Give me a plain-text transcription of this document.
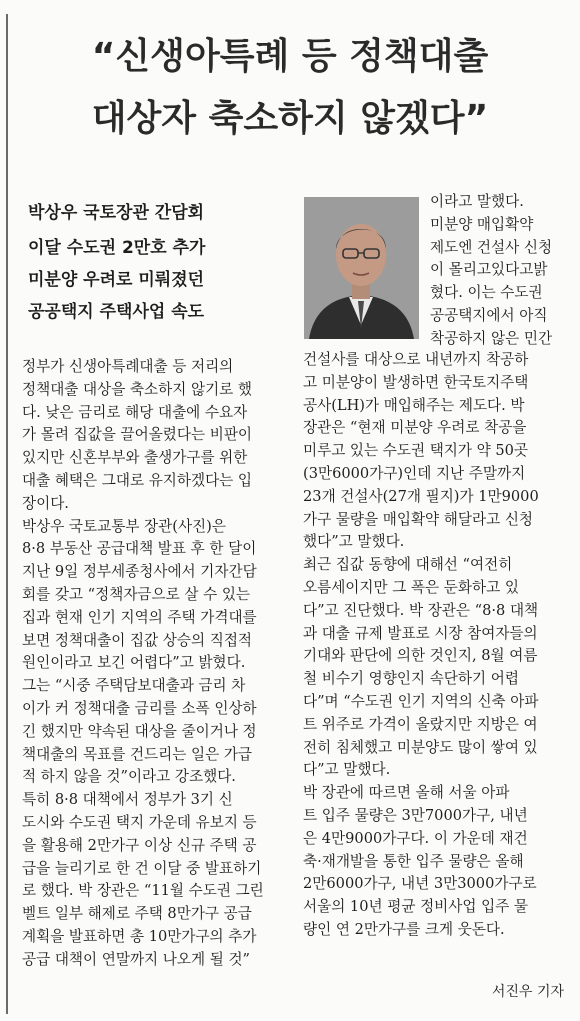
“신생아특례 등 정책대출
대상자 축소하지 않겠다”
박상우 국토장관 간담회
이달 수도권 2만호 추가
미분양 우려로 미뤄졌던
공공택지 주택사업 속도
이라고 말했다.
미분양 매입확약
제도엔 건설사 신청
이 몰리고있다고밝
혔다. 이는 수도권
공공택지에서 아직
착공하지 않은 민간
정부가 신생아특례대출 등 저리의
정책대출 대상을 축소하지 않기로 했
다. 낮은 금리로 해당 대출에 수요자
가 몰려 집값을 끌어올렸다는 비판이
있지만 신혼부부와 출생가구를 위한
대출 혜택은 그대로 유지하겠다는 입
장이다.
박상우 국토교통부 장관(사진)은
8·8 부동산 공급대책 발표 후 한 달이
지난 9일 정부세종청사에서 기자간담
회를 갖고 “정책자금으로 살 수 있는
집과 현재 인기 지역의 주택 가격대를
보면 정책대출이 집값 상승의 직접적
원인이라고 보긴 어렵다”고 밝혔다.
그는 “시중 주택담보대출과 금리 차
이가 커 정책대출 금리를 소폭 인상하
긴 했지만 약속된 대상을 줄이거나 정
책대출의 목표를 건드리는 일은 가급
적 하지 않을 것”이라고 강조했다.
특히 8·8 대책에서 정부가 3기 신
도시와 수도권 택지 가운데 유보지 등
을 활용해 2만가구 이상 신규 주택 공
급을 늘리기로 한 건 이달 중 발표하기
로 했다. 박 장관은 “11월 수도권 그린
벨트 일부 해제로 주택 8만가구 공급
계획을 발표하면 총 10만가구의 추가
공급 대책이 연말까지 나오게 될 것”
건설사를 대상으로 내년까지 착공하
고 미분양이 발생하면 한국토지주택
공사(LH)가 매입해주는 제도다. 박
장관은 “현재 미분양 우려로 착공을
미루고 있는 수도권 택지가 약 50곳
(3만6000가구)인데 지난 주말까지
23개 건설사(27개 필지)가 1만9000
가구 물량을 매입확약 해달라고 신청
했다”고 말했다.
최근 집값 동향에 대해선 “여전히
오름세이지만 그 폭은 둔화하고 있
다”고 진단했다. 박 장관은 “8·8 대책
과 대출 규제 발표로 시장 참여자들의
기대와 판단에 의한 것인지, 8월 여름
철 비수기 영향인지 속단하기 어렵
다”며 “수도권 인기 지역의 신축 아파
트 위주로 가격이 올랐지만 지방은 여
전히 침체했고 미분양도 많이 쌓여 있
다”고 말했다.
박 장관에 따르면 올해 서울 아파
트 입주 물량은 3만7000가구, 내년
은 4만9000가구다. 이 가운데 재건
축·재개발을 통한 입주 물량은 올해
2만6000가구, 내년 3만3000가구로
서울의 10년 평균 정비사업 입주 물
량인 연 2만가구를 크게 웃돈다.
서진우 기자
